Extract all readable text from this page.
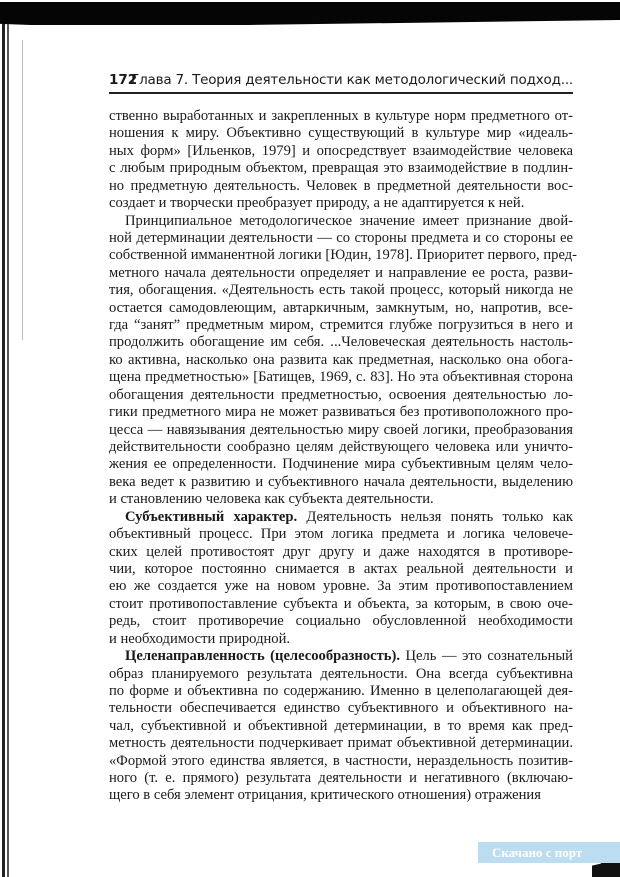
172
Глава 7. Теория деятельности как методологический подход...
ственно выработанных и закрепленных в культуре норм предметного от-
ношения к миру. Объективно существующий в культуре мир «идеаль-
ных форм» [Ильенков, 1979] и опосредствует взаимодействие человека
с любым природным объектом, превращая это взаимодействие в подлин-
но предметную деятельность. Человек в предметной деятельности вос-
создает и творчески преобразует природу, а не адаптируется к ней.
Принципиальное методологическое значение имеет признание двой-
ной детерминации деятельности — со стороны предмета и со стороны ее
собственной имманентной логики [Юдин, 1978]. Приоритет первого, пред-
метного начала деятельности определяет и направление ее роста, разви-
тия, обогащения. «Деятельность есть такой процесс, который никогда не
остается самодовлеющим, автаркичным, замкнутым, но, напротив, все-
гда “занят” предметным миром, стремится глубже погрузиться в него и
продолжить обогащение им себя. ...Человеческая деятельность настоль-
ко активна, насколько она развита как предметная, насколько она обога-
щена предметностью» [Батищев, 1969, с. 83]. Но эта объективная сторона
обогащения деятельности предметностью, освоения деятельностью ло-
гики предметного мира не может развиваться без противоположного про-
цесса — навязывания деятельностью миру своей логики, преобразования
действительности сообразно целям действующего человека или уничто-
жения ее определенности. Подчинение мира субъективным целям чело-
века ведет к развитию и субъективного начала деятельности, выделению
и становлению человека как субъекта деятельности.
Субъективный характер. Деятельность нельзя понять только как
объективный процесс. При этом логика предмета и логика человече-
ских целей противостоят друг другу и даже находятся в противоре-
чии, которое постоянно снимается в актах реальной деятельности и
ею же создается уже на новом уровне. За этим противопоставлением
стоит противопоставление субъекта и объекта, за которым, в свою оче-
редь, стоит противоречие социально обусловленной необходимости
и необходимости природной.
Целенаправленность (целесообразность). Цель — это сознательный
образ планируемого результата деятельности. Она всегда субъективна
по форме и объективна по содержанию. Именно в целеполагающей дея-
тельности обеспечивается единство субъективного и объективного на-
чал, субъективной и объективной детерминации, в то время как пред-
метность деятельности подчеркивает примат объективной детерминации.
«Формой этого единства является, в частности, нераздельность позитив-
ного (т. е. прямого) результата деятельности и негативного (включаю-
щего в себя элемент отрицания, критического отношения) отражения
Скачано с порт
